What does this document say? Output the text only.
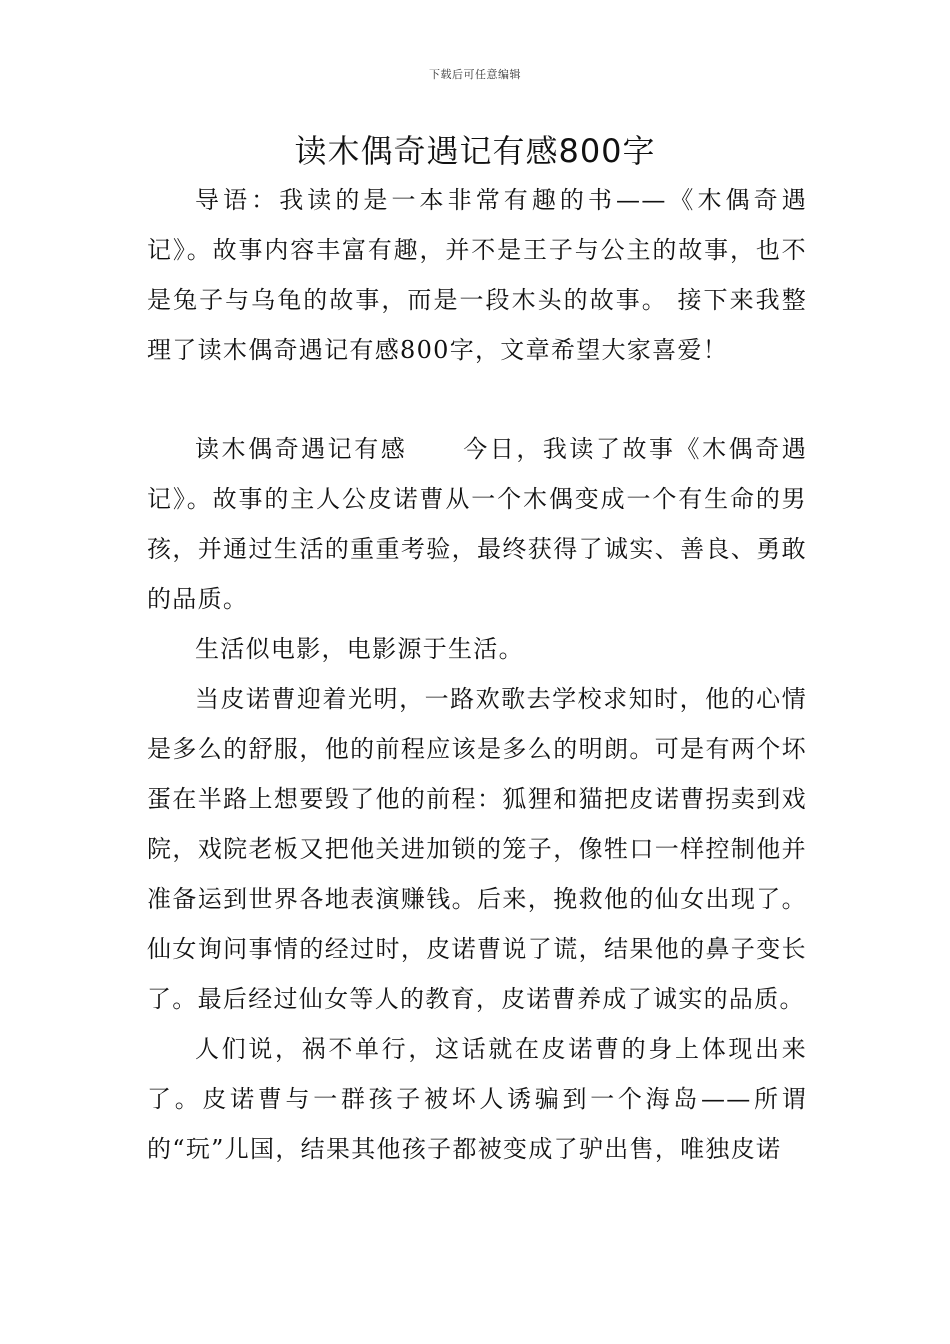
下载后可任意编辑
读木偶奇遇记有感800字

导语：我读的是一本非常有趣的书——《木偶奇遇记》。故事内容丰富有趣，并不是王子与公主的故事，也不是兔子与乌龟的故事，而是一段木头的故事。 接下来我整理了读木偶奇遇记有感800字，文章希望大家喜爱！

读木偶奇遇记有感 今日，我读了故事《木偶奇遇记》。故事的主人公皮诺曹从一个木偶变成一个有生命的男孩，并通过生活的重重考验，最终获得了诚实、善良、勇敢的品质。

生活似电影，电影源于生活。

当皮诺曹迎着光明，一路欢歌去学校求知时，他的心情是多么的舒服，他的前程应该是多么的明朗。可是有两个坏蛋在半路上想要毁了他的前程：狐狸和猫把皮诺曹拐卖到戏院，戏院老板又把他关进加锁的笼子，像牲口一样控制他并准备运到世界各地表演赚钱。后来，挽救他的仙女出现了。仙女询问事情的经过时，皮诺曹说了谎，结果他的鼻子变长了。最后经过仙女等人的教育，皮诺曹养成了诚实的品质。

人们说，祸不单行，这话就在皮诺曹的身上体现出来了。皮诺曹与一群孩子被坏人诱骗到一个海岛——所谓的“玩”儿国，结果其他孩子都被变成了驴出售，唯独皮诺
